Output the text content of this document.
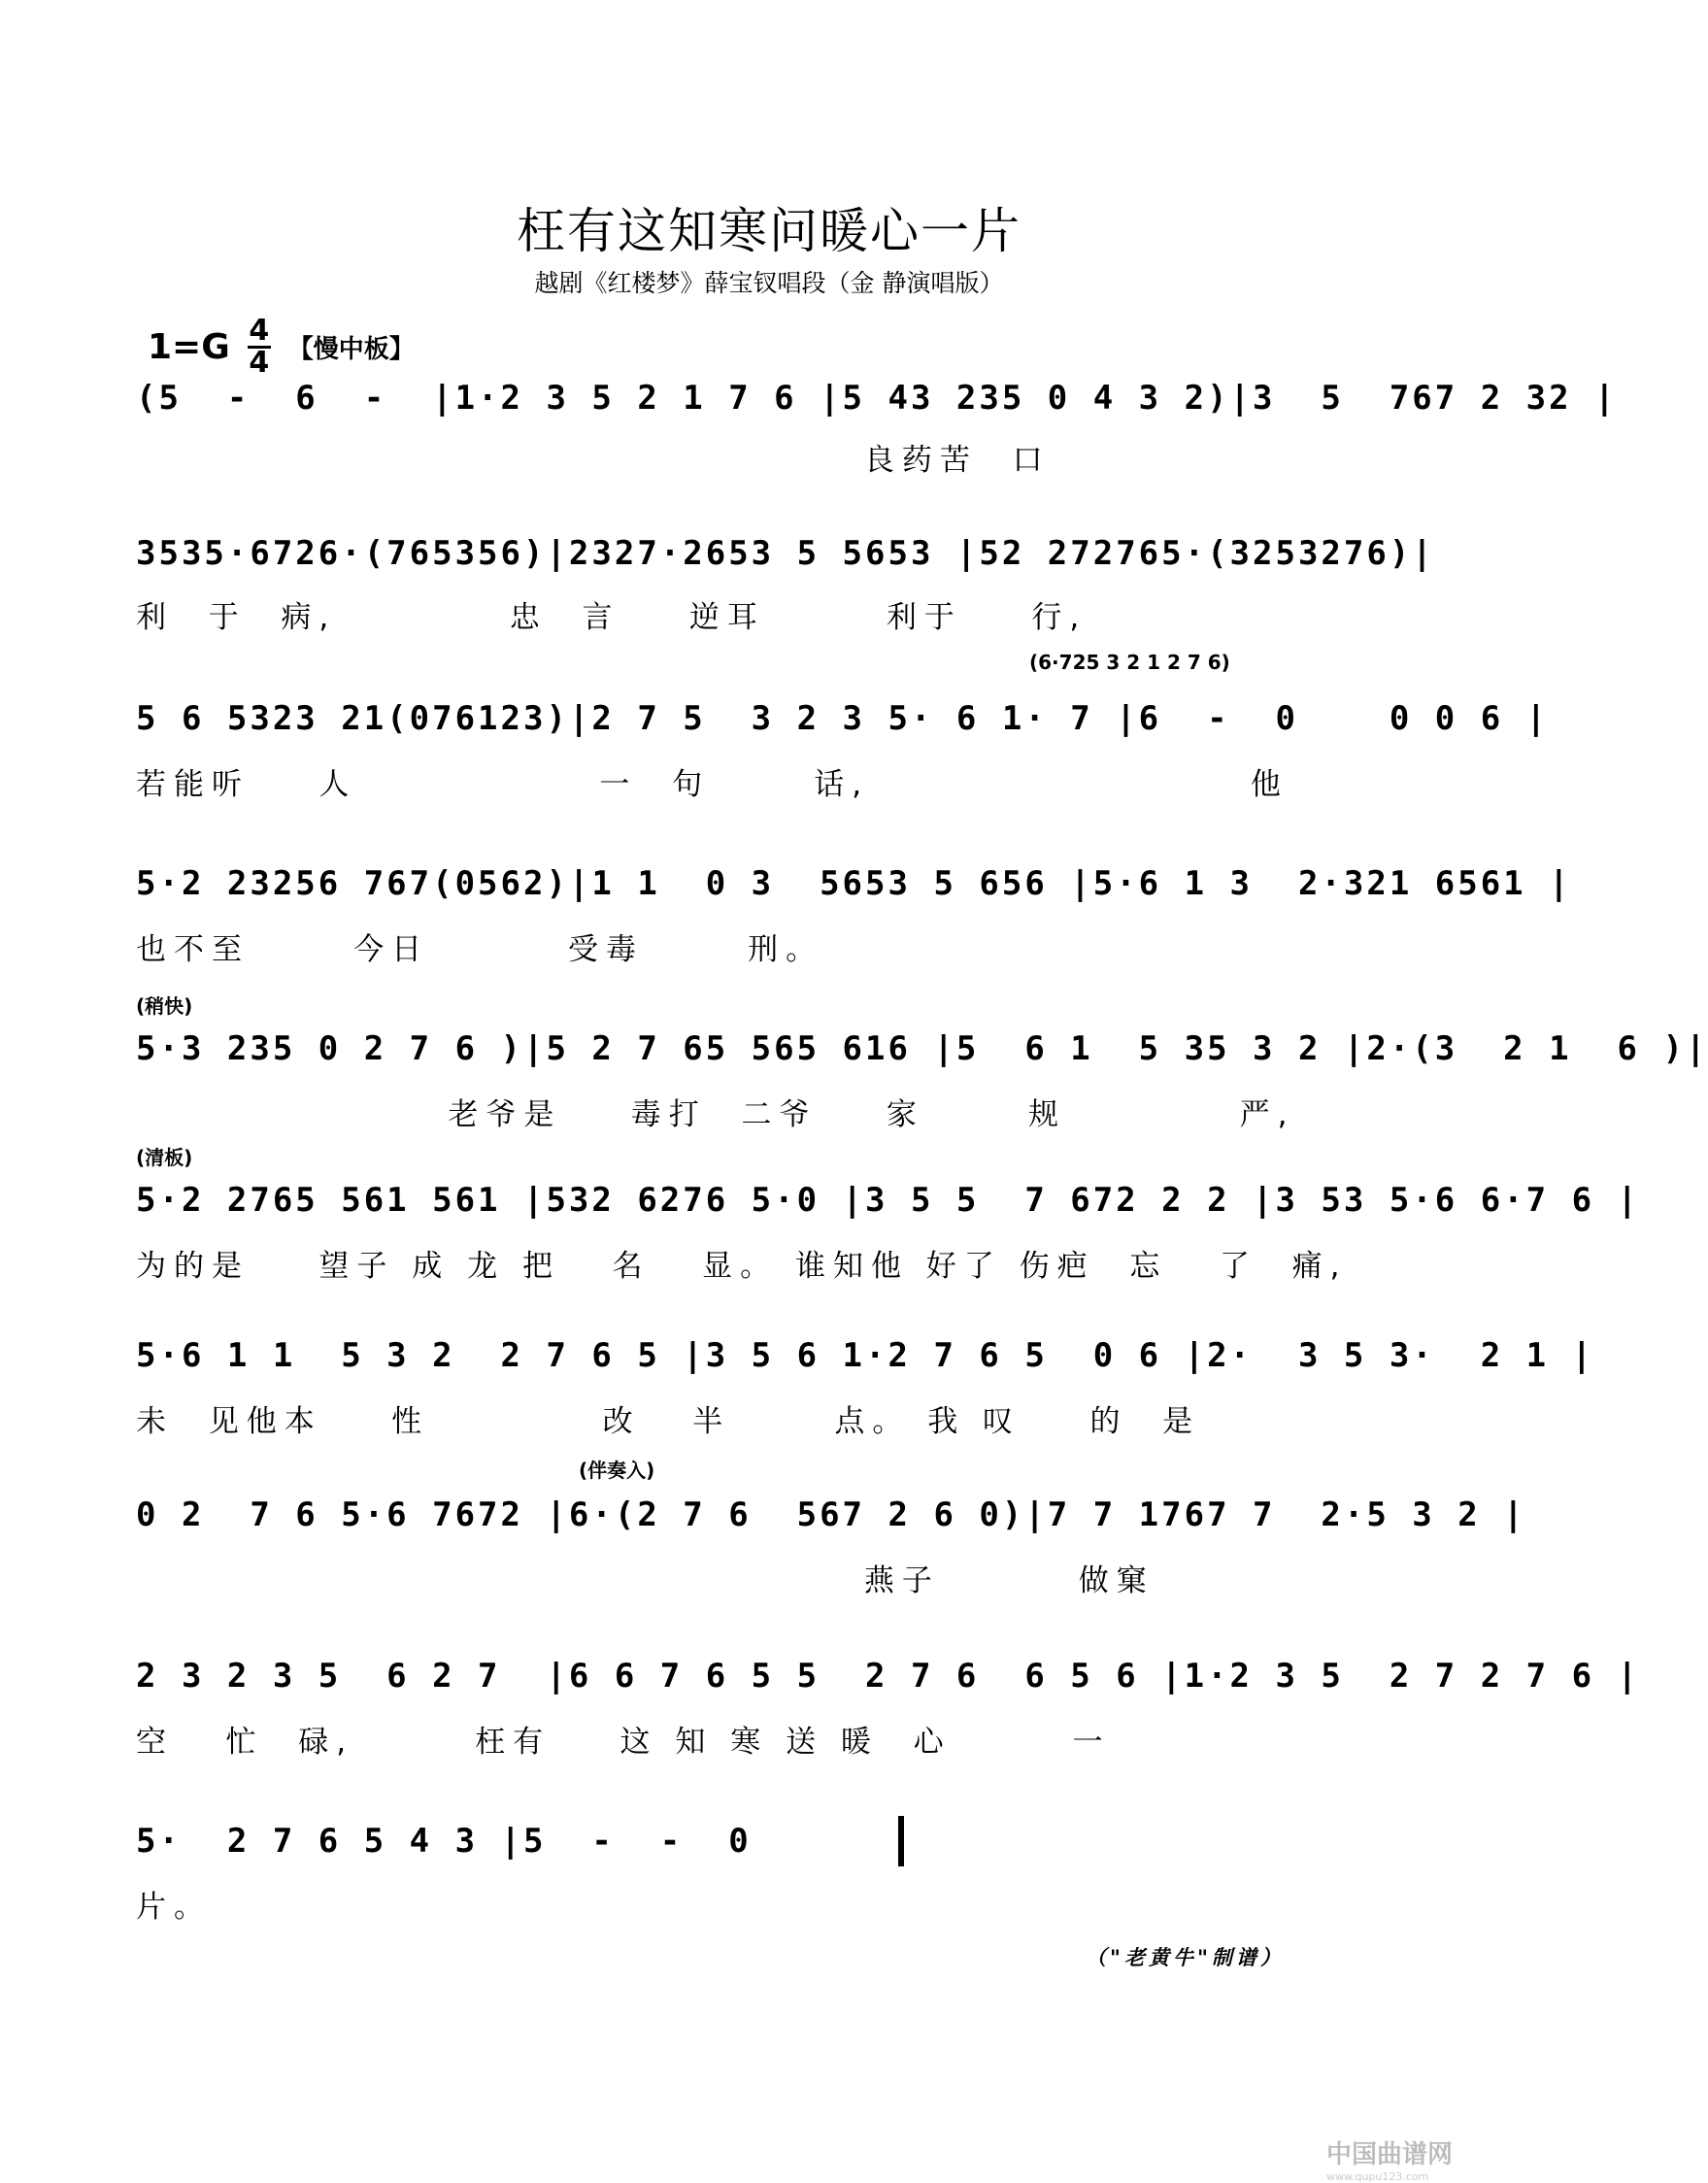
枉有这知寒问暖心一片
越剧《红楼梦》薛宝钗唱段（金 静演唱版）
1=G 4
4 【慢中板】
(5  -  6  -  |1·2 3 5 2 1 7 6 |5 43 235 0 4 3 2)|3  5  767 2 32 |
良药苦  口
3535·6726·(765356)|2327·2653 5 5653 |52 272765·(3253276)|
利  于  病,          忠  言    逆耳       利于    行,
(6·725 3 2 1 2 7 6)
5 6 5323 21(076123)|2 7 5  3 2 3 5· 6 1· 7 |6  -  0    0 0 6 |
若能听    人              一  句      话,                      他
5·2 23256 767(0562)|1 1  0 3  5653 5 656 |5·6 1 3  2·321 6561 |
也不至      今日        受毒      刑。
(稍快)
5·3 235 0 2 7 6 )|5 2 7 65 565 616 |5  6 1  5 35 3 2 |2·(3  2 1  6 )|
老爷是    毒打  二爷    家      规          严,
(清板)
5·2 2765 561 561 |532 6276 5·0 |3 5 5  7 672 2 2 |3 53 5·6 6·7 6 |
为的是    望子 成 龙 把   名   显。 谁知他 好了 伤疤  忘   了  痛,
5·6 1 1  5 3 2  2 7 6 5 |3 5 6 1·2 7 6 5  0 6 |2·  3 5 3·  2 1 |
未  见他本    性          改   半      点。 我 叹    的  是
(伴奏入)
0 2  7 6 5·6 7672 |6·(2 7 6  567 2 6 0)|7 7 1767 7  2·5 3 2 |
燕子        做窠
2 3 2 3 5  6 2 7  |6 6 7 6 5 5  2 7 6  6 5 6 |1·2 3 5  2 7 2 7 6 |
空   忙  碌,       枉有    这 知 寒 送 暖  心       一
5·  2 7 6 5 4 3 |5  -  -  0
片。
（"老黄牛"制谱）
中国曲谱网
www.qupu123.com
